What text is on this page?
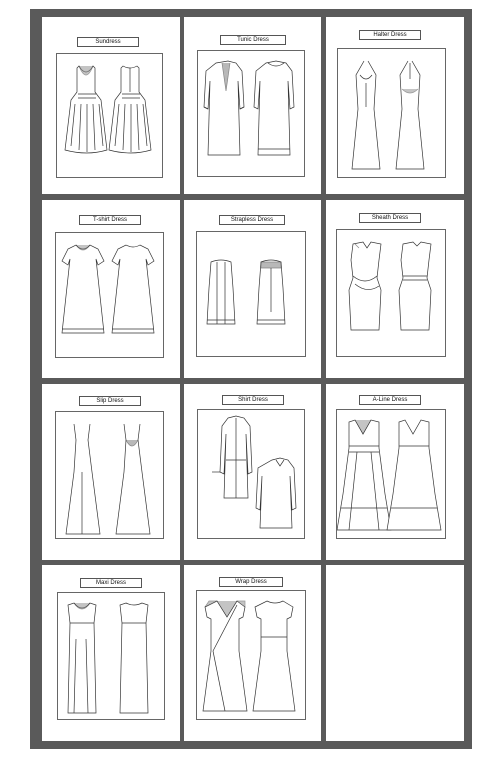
Sundress	Tunic Dress
Halter Dress
T-shirt Dress	Strapless Dress	Sheath Dress
Slip Dress	Shirt Dress	A-Line Dress
Maxi Dress	Wrap Dress
